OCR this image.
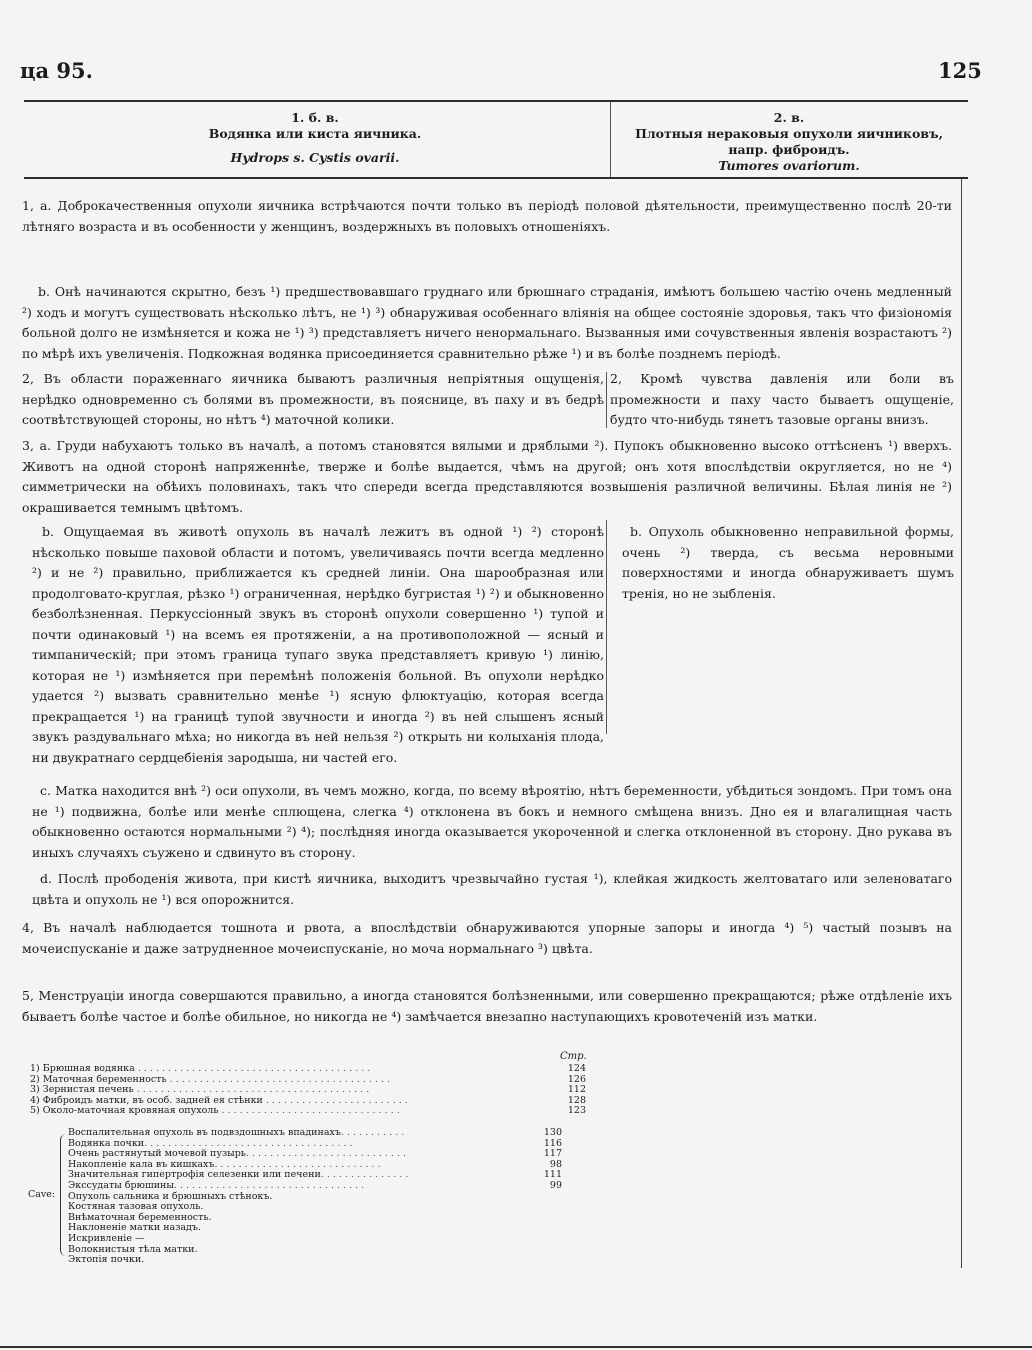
ца 95.	125
1. б. в.
Водянка или киста яичника.
Hydrops s. Cystis ovarii.
2. в.
Плотныя нераковыя опухоли яичниковъ, напр. фиброидъ.
Tumores ovariorum.
1, а. Доброкачественныя опухоли яичника встрѣчаются почти только въ періодѣ половой дѣятельности, преимущественно послѣ 20-ти лѣтняго возраста и въ особенности у женщинъ, воздержныхъ въ половыхъ отношеніяхъ.
b. Онѣ начинаются скрытно, безъ ¹) предшествовавшаго груднаго или брюшнаго страданія, имѣютъ большею частію очень медленный ²) ходъ и могутъ существовать нѣсколько лѣтъ, не ¹) ³) обнаруживая особеннаго вліянія на общее состояніе здоровья, такъ что физіономія больной долго не измѣняется и кожа не ¹) ³) представляетъ ничего ненормальнаго. Вызванныя ими сочувственныя явленія возрастаютъ ²) по мѣрѣ ихъ увеличенія. Подкожная водянка присоединяется сравнительно рѣже ¹) и въ болѣе позднемъ періодѣ.
2, Въ области пораженнаго яичника бываютъ различныя непріятныя ощущенія, нерѣдко одновременно съ болями въ промежности, въ пояснице, въ паху и въ бедрѣ соотвѣтствующей стороны, но нѣтъ ⁴) маточной колики.
2, Кромѣ чувства давленія или боли въ промежности и паху часто бываетъ ощущеніе, будто что-нибудь тянетъ тазовые органы внизъ.
3, а. Груди набухаютъ только въ началѣ, а потомъ становятся вялыми и дряблыми ²). Пупокъ обыкновенно высоко оттѣсненъ ¹) вверхъ. Животъ на одной сторонѣ напряженнѣе, тверже и болѣе выдается, чѣмъ на другой; онъ хотя впослѣдствіи округляется, но не ⁴) симметрически на обѣихъ половинахъ, такъ что спереди всегда представляются возвышенія различной величины. Бѣлая линія не ²) окрашивается темнымъ цвѣтомъ.
b. Ощущаемая въ животѣ опухоль въ началѣ лежитъ въ одной ¹) ²) сторонѣ нѣсколько повыше паховой области и потомъ, увеличиваясь почти всегда медленно ²) и не ²) правильно, приближается къ средней линіи. Она шарообразная или продолговато-круглая, рѣзко ¹) ограниченная, нерѣдко бугристая ¹) ²) и обыкновенно безболѣзненная. Перкуссіонный звукъ въ сторонѣ опухоли совершенно ¹) тупой и почти одинаковый ¹) на всемъ ея протяженіи, а на противоположной — ясный и тимпаническій; при этомъ граница тупаго звука представляетъ кривую ¹) линію, которая не ¹) измѣняется при перемѣнѣ положенія больной. Въ опухоли нерѣдко удается ²) вызвать сравнительно менѣе ¹) ясную флюктуацію, которая всегда прекращается ¹) на границѣ тупой звучности и иногда ²) въ ней слышенъ ясный звукъ раздувальнаго мѣха; но никогда въ ней нельзя ²) открыть ни колыханія плода, ни двукратнаго сердцебіенія зародыша, ни частей его.
b. Опухоль обыкновенно неправильной формы, очень ²) тверда, съ весьма неровными поверхностями и иногда обнаруживаетъ шумъ тренія, но не зыбленія.
с. Матка находится внѣ ²) оси опухоли, въ чемъ можно, когда, по всему вѣроятію, нѣтъ беременности, убѣдиться зондомъ. При томъ она не ¹) подвижна, болѣе или менѣе сплющена, слегка ⁴) отклонена въ бокъ и немного смѣщена внизъ. Дно ея и влагалищная часть обыкновенно остаются нормальными ²) ⁴); послѣдняя иногда оказывается укороченной и слегка отклоненной въ сторону. Дно рукава въ иныхъ случаяхъ съужено и сдвинуто въ сторону.
d. Послѣ прободенія живота, при кистѣ яичника, выходитъ чрезвычайно густая ¹), клейкая жидкость желтоватаго или зеленоватаго цвѣта и опухоль не ¹) вся опорожнится.
4, Въ началѣ наблюдается тошнота и рвота, а впослѣдствіи обнаруживаются упорные запоры и иногда ⁴) ⁵) частый позывъ на мочеиспусканіе и даже затрудненное мочеиспусканіе, но моча нормальнаго ³) цвѣта.
5, Менструаціи иногда совершаются правильно, а иногда становятся болѣзненными, или совершенно прекращаются; рѣже отдѣленіе ихъ бываетъ болѣе частое и болѣе обильное, но никогда не ⁴) замѣчается внезапно наступающихъ кровотеченій изъ матки.
Стр.
1) Брюшная водянка . . . . . . . . . . . . . . . . . . . . . . . . . . . . . . . . . . . . . . .	124
2) Маточная беременность . . . . . . . . . . . . . . . . . . . . . . . . . . . . . . . . . . . . .	126
3) Зернистая печень . . . . . . . . . . . . . . . . . . . . . . . . . . . . . . . . . . . . . . .	112
4) Фиброидъ матки, въ особ. задней ея стѣнки . . . . . . . . . . . . . . . . . . . . . . . .	128
5) Около-маточная кровяная опухоль . . . . . . . . . . . . . . . . . . . . . . . . . . . . . .	123
Cave:
Воспалительная опухоль въ подвздошныхъ впадинахъ. . . . . . . . . . .	130
Водянка почки. . . . . . . . . . . . . . . . . . . . . . . . . . . . . . . . . . .	116
Очень растянутый мочевой пузырь. . . . . . . . . . . . . . . . . . . . . . . . . . .	117
Накопленіе кала въ кишкахъ. . . . . . . . . . . . . . . . . . . . . . . . . . . .	98
Значительная гипертрофія селезенки или печени. . . . . . . . . . . . . . .	111
Экссудаты брюшины. . . . . . . . . . . . . . . . . . . . . . . . . . . . . . . .	99
Опухоль сальника и брюшныхъ стѣнокъ.
Костяная тазовая опухоль.
Внѣматочная беременность.
Наклоненіе матки назадъ.
Искривленіе —
Волокнистыя тѣла матки.
Эктопія почки.
